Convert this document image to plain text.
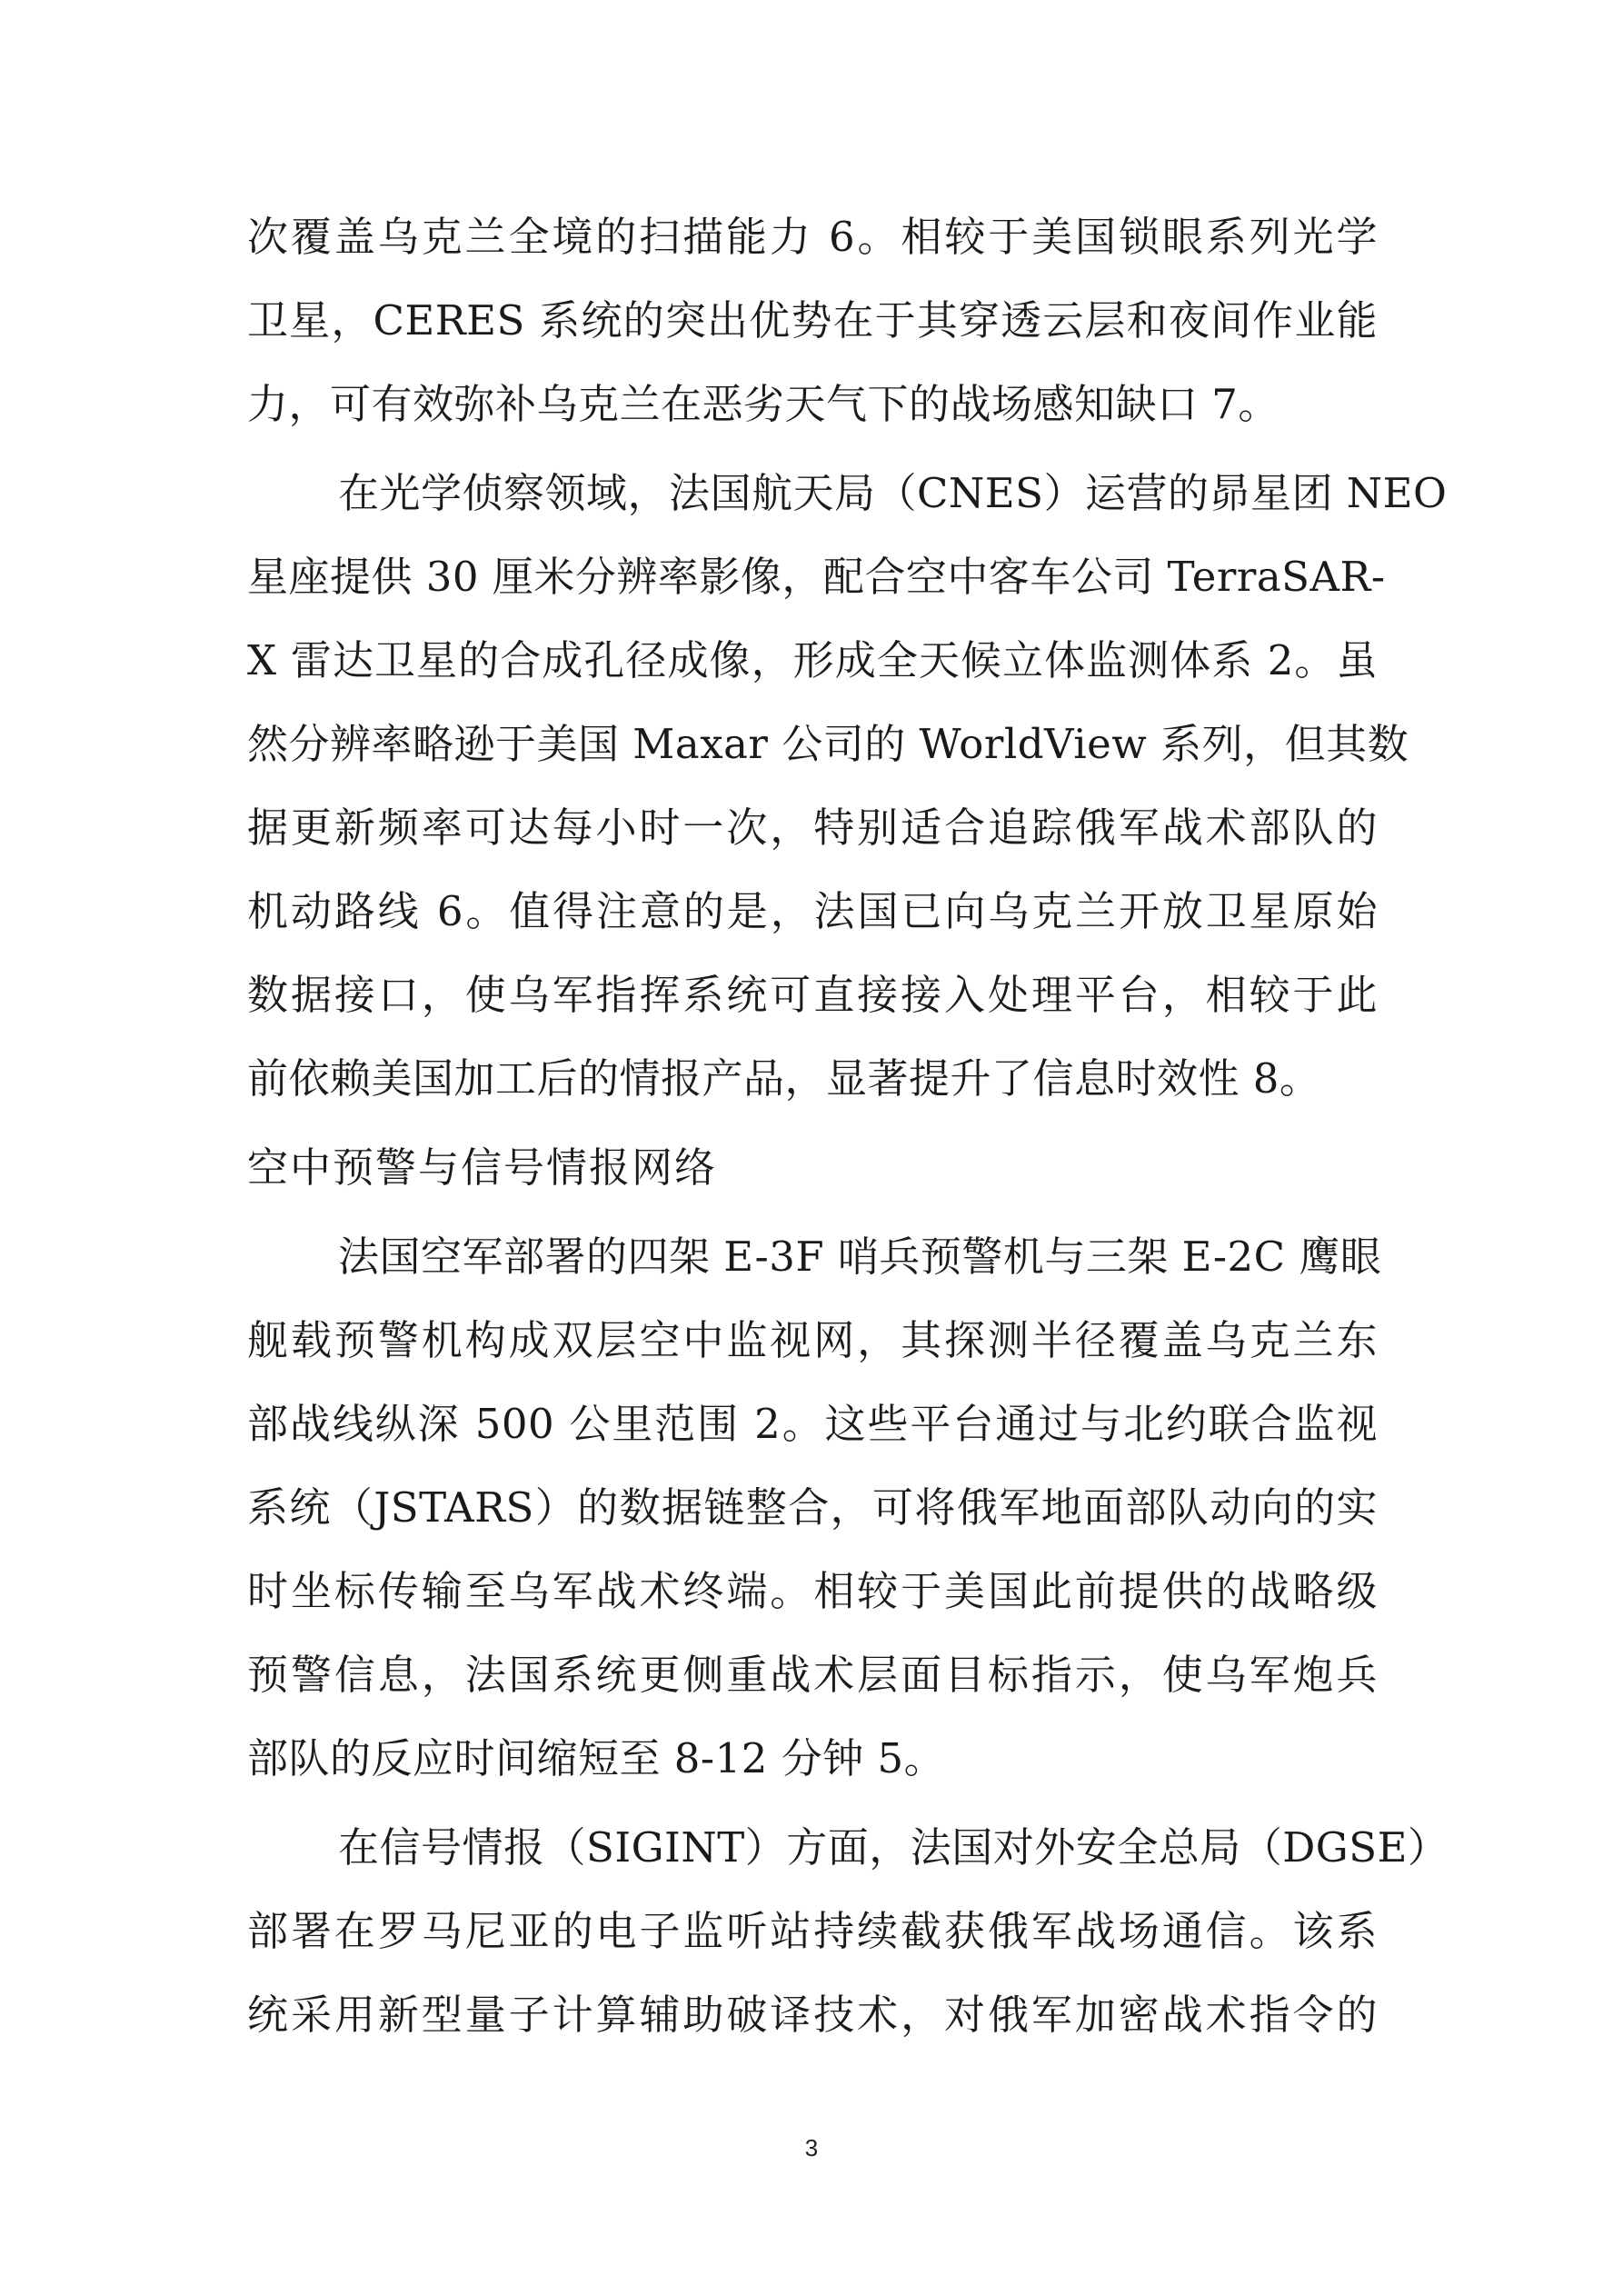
次覆盖乌克兰全境的扫描能力 6。相较于美国锁眼系列光学
卫星，CERES 系统的突出优势在于其穿透云层和夜间作业能
力，可有效弥补乌克兰在恶劣天气下的战场感知缺口 7。
在光学侦察领域，法国航天局（CNES）运营的昴星团 NEO
星座提供 30 厘米分辨率影像，配合空中客车公司 TerraSAR-
X 雷达卫星的合成孔径成像，形成全天候立体监测体系 2。虽
然分辨率略逊于美国 Maxar 公司的 WorldView 系列，但其数
据更新频率可达每小时一次，特别适合追踪俄军战术部队的
机动路线 6。值得注意的是，法国已向乌克兰开放卫星原始
数据接口，使乌军指挥系统可直接接入处理平台，相较于此
前依赖美国加工后的情报产品，显著提升了信息时效性 8。
空中预警与信号情报网络
法国空军部署的四架 E-3F 哨兵预警机与三架 E-2C 鹰眼
舰载预警机构成双层空中监视网，其探测半径覆盖乌克兰东
部战线纵深 500 公里范围 2。这些平台通过与北约联合监视
系统（JSTARS）的数据链整合，可将俄军地面部队动向的实
时坐标传输至乌军战术终端。相较于美国此前提供的战略级
预警信息，法国系统更侧重战术层面目标指示，使乌军炮兵
部队的反应时间缩短至 8-12 分钟 5。
在信号情报（SIGINT）方面，法国对外安全总局（DGSE）
部署在罗马尼亚的电子监听站持续截获俄军战场通信。该系
统采用新型量子计算辅助破译技术，对俄军加密战术指令的
3
